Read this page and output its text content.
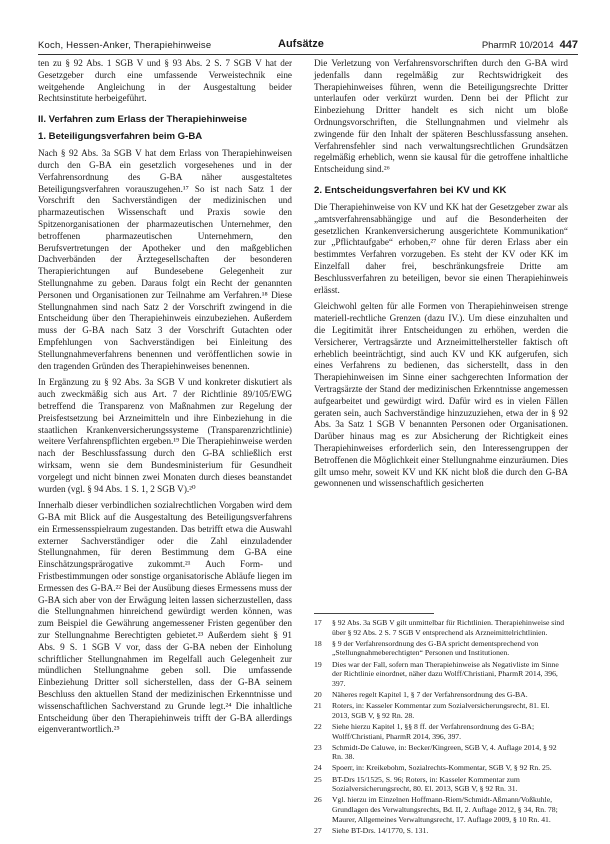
Koch, Hessen-Anker, Therapiehinweise	Aufsätze	PharmR 10/2014 447

ten zu § 92 Abs. 1 SGB V und § 93 Abs. 2 S. 7 SGB V hat der Gesetzgeber durch eine umfassende Verweistechnik eine weitgehende Angleichung in der Ausgestaltung beider Rechtsinstitute herbeigeführt.

II. Verfahren zum Erlass der Therapiehinweise
1. Beteiligungsverfahren beim G-BA

Nach § 92 Abs. 3a SGB V hat dem Erlass von Therapiehinweisen durch den G-BA ein gesetzlich vorgesehenes und in der Verfahrensordnung des G-BA näher ausgestaltetes Beteiligungsverfahren vorauszugehen.¹⁷ So ist nach Satz 1 der Vorschrift den Sachverständigen der medizinischen und pharmazeutischen Wissenschaft und Praxis sowie den Spitzenorganisationen der pharmazeutischen Unternehmer, den betroffenen pharmazeutischen Unternehmern, den Berufsvertretungen der Apotheker und den maßgeblichen Dachverbänden der Ärztegesellschaften der besonderen Therapierichtungen auf Bundesebene Gelegenheit zur Stellungnahme zu geben. Daraus folgt ein Recht der genannten Personen und Organisationen zur Teilnahme am Verfahren.¹⁸ Diese Stellungnahmen sind nach Satz 2 der Vorschrift zwingend in die Entscheidung über den Therapiehinweis einzubeziehen. Außerdem muss der G-BA nach Satz 3 der Vorschrift Gutachten oder Empfehlungen von Sachverständigen bei Einleitung des Stellungnahmeverfahrens benennen und veröffentlichen sowie in den tragenden Gründen des Therapiehinweises benennen.

In Ergänzung zu § 92 Abs. 3a SGB V und konkreter diskutiert als auch zweckmäßig sich aus Art. 7 der Richtlinie 89/105/EWG betreffend die Transparenz von Maßnahmen zur Regelung der Preisfestsetzung bei Arzneimitteln und ihre Einbeziehung in die staatlichen Krankenversicherungssysteme (Transparenzrichtlinie) weitere Verfahrenspflichten ergeben.¹⁹ Die Therapiehinweise werden nach der Beschlussfassung durch den G-BA schließlich erst wirksam, wenn sie dem Bundesministerium für Gesundheit vorgelegt und nicht binnen zwei Monaten durch dieses beanstandet wurden (vgl. § 94 Abs. 1 S. 1, 2 SGB V).²⁰

Innerhalb dieser verbindlichen sozialrechtlichen Vorgaben wird dem G-BA mit Blick auf die Ausgestaltung des Beteiligungsverfahrens ein Ermessensspielraum zugestanden. Das betrifft etwa die Auswahl externer Sachverständiger oder die Zahl einzuladender Stellungnahmen, für deren Bestimmung dem G-BA eine Einschätzungsprärogative zukommt.²¹ Auch Form- und Fristbestimmungen oder sonstige organisatorische Abläufe liegen im Ermessen des G-BA.²² Bei der Ausübung dieses Ermessens muss der G-BA sich aber von der Erwägung leiten lassen sicherzustellen, dass die Stellungnahmen hinreichend gewürdigt werden können, was zum Beispiel die Gewährung angemessener Fristen gegenüber den zur Stellungnahme Berechtigten gebietet.²³ Außerdem sieht § 91 Abs. 9 S. 1 SGB V vor, dass der G-BA neben der Einholung schriftlicher Stellungnahmen im Regelfall auch Gelegenheit zur mündlichen Stellungnahme geben soll. Die umfassende Einbeziehung Dritter soll sicherstellen, dass der G-BA seinem Beschluss den aktuellen Stand der medizinischen Erkenntnisse und wissenschaftlichen Sachverstand zu Grunde legt.²⁴ Die inhaltliche Entscheidung über den Therapiehinweis trifft der G-BA allerdings eigenverantwortlich.²⁵

Die Verletzung von Verfahrensvorschriften durch den G-BA wird jedenfalls dann regelmäßig zur Rechtswidrigkeit des Therapiehinweises führen, wenn die Beteiligungsrechte Dritter unterlaufen oder verkürzt wurden. Denn bei der Pflicht zur Einbeziehung Dritter handelt es sich nicht um bloße Ordnungsvorschriften, die Stellungnahmen und vielmehr als zwingende für den Inhalt der späteren Beschlussfassung ansehen. Verfahrensfehler sind nach verwaltungsrechtlichen Grundsätzen regelmäßig erheblich, wenn sie kausal für die getroffene inhaltliche Entscheidung sind.²⁶

2. Entscheidungsverfahren bei KV und KK

Die Therapiehinweise von KV und KK hat der Gesetzgeber zwar als „amtsverfahrensabhängige und auf die Besonderheiten der gesetzlichen Krankenversicherung ausgerichtete Kommunikation“ zur „Pflichtaufgabe“ erhoben,²⁷ ohne für deren Erlass aber ein bestimmtes Verfahren vorzugeben. Es steht der KV oder KK im Einzelfall daher frei, beschränkungsfreie Dritte am Beschlussverfahren zu beteiligen, bevor sie einen Therapiehinweis erlässt.

Gleichwohl gelten für alle Formen von Therapiehinweisen strenge materiell-rechtliche Grenzen (dazu IV.). Um diese einzuhalten und die Legitimität ihrer Entscheidungen zu erhöhen, werden die Versicherer, Vertragsärzte und Arzneimittelhersteller faktisch oft erheblich beeinträchtigt, sind auch KV und KK aufgerufen, sich eines Verfahrens zu bedienen, das sicherstellt, dass in den Therapiehinweisen im Sinne einer sachgerechten Information der Vertragsärzte der Stand der medizinischen Erkenntnisse angemessen aufgearbeitet und gewürdigt wird. Dafür wird es in vielen Fällen geraten sein, auch Sachverständige hinzuzuziehen, etwa der in § 92 Abs. 3a Satz 1 SGB V benannten Personen oder Organisationen. Darüber hinaus mag es zur Absicherung der Richtigkeit eines Therapiehinweises erforderlich sein, den Interessengruppen der Betroffenen die Möglichkeit einer Stellungnahme einzuräumen. Dies gilt umso mehr, soweit KV und KK nicht bloß die durch den G-BA gewonnenen und wissenschaftlich gesicherten

17	§ 92 Abs. 3a SGB V gilt unmittelbar für Richtlinien. Therapiehinweise sind über § 92 Abs. 2 S. 7 SGB V entsprechend als Arzneimittelrichtlinien.
18	§ 9 der Verfahrensordnung des G-BA spricht dementsprechend von „Stellungnahmeberechtigten“ Personen und Institutionen.
19	Dies war der Fall, sofern man Therapiehinweise als Negativliste im Sinne der Richtlinie einordnet, näher dazu Wolff/Christiani, PharmR 2014, 396, 397.
20	Näheres regelt Kapitel 1, § 7 der Verfahrensordnung des G-BA.
21	Roters, in: Kasseler Kommentar zum Sozialversicherungsrecht, 81. El. 2013, SGB V, § 92 Rn. 28.
22	Siehe hierzu Kapitel 1, §§ 8 ff. der Verfahrensordnung des G-BA; Wolff/Christiani, PharmR 2014, 396, 397.
23	Schmidt-De Caluwe, in: Becker/Kingreen, SGB V, 4. Auflage 2014, § 92 Rn. 38.
24	Spoerr, in: Kreikebohm, Sozialrechts-Kommentar, SGB V, § 92 Rn. 25.
25	BT-Drs 15/1525, S. 96; Roters, in: Kasseler Kommentar zum Sozialversicherungsrecht, 80. El. 2013, SGB V, § 92 Rn. 31.
26	Vgl. hierzu im Einzelnen Hoffmann-Riem/Schmidt-Aßmann/Voßkuhle, Grundlagen des Verwaltungsrechts, Bd. II, 2. Auflage 2012, § 34, Rn. 78; Maurer, Allgemeines Verwaltungsrecht, 17. Auflage 2009, § 10 Rn. 41.
27	Siehe BT-Drs. 14/1770, S. 131.
